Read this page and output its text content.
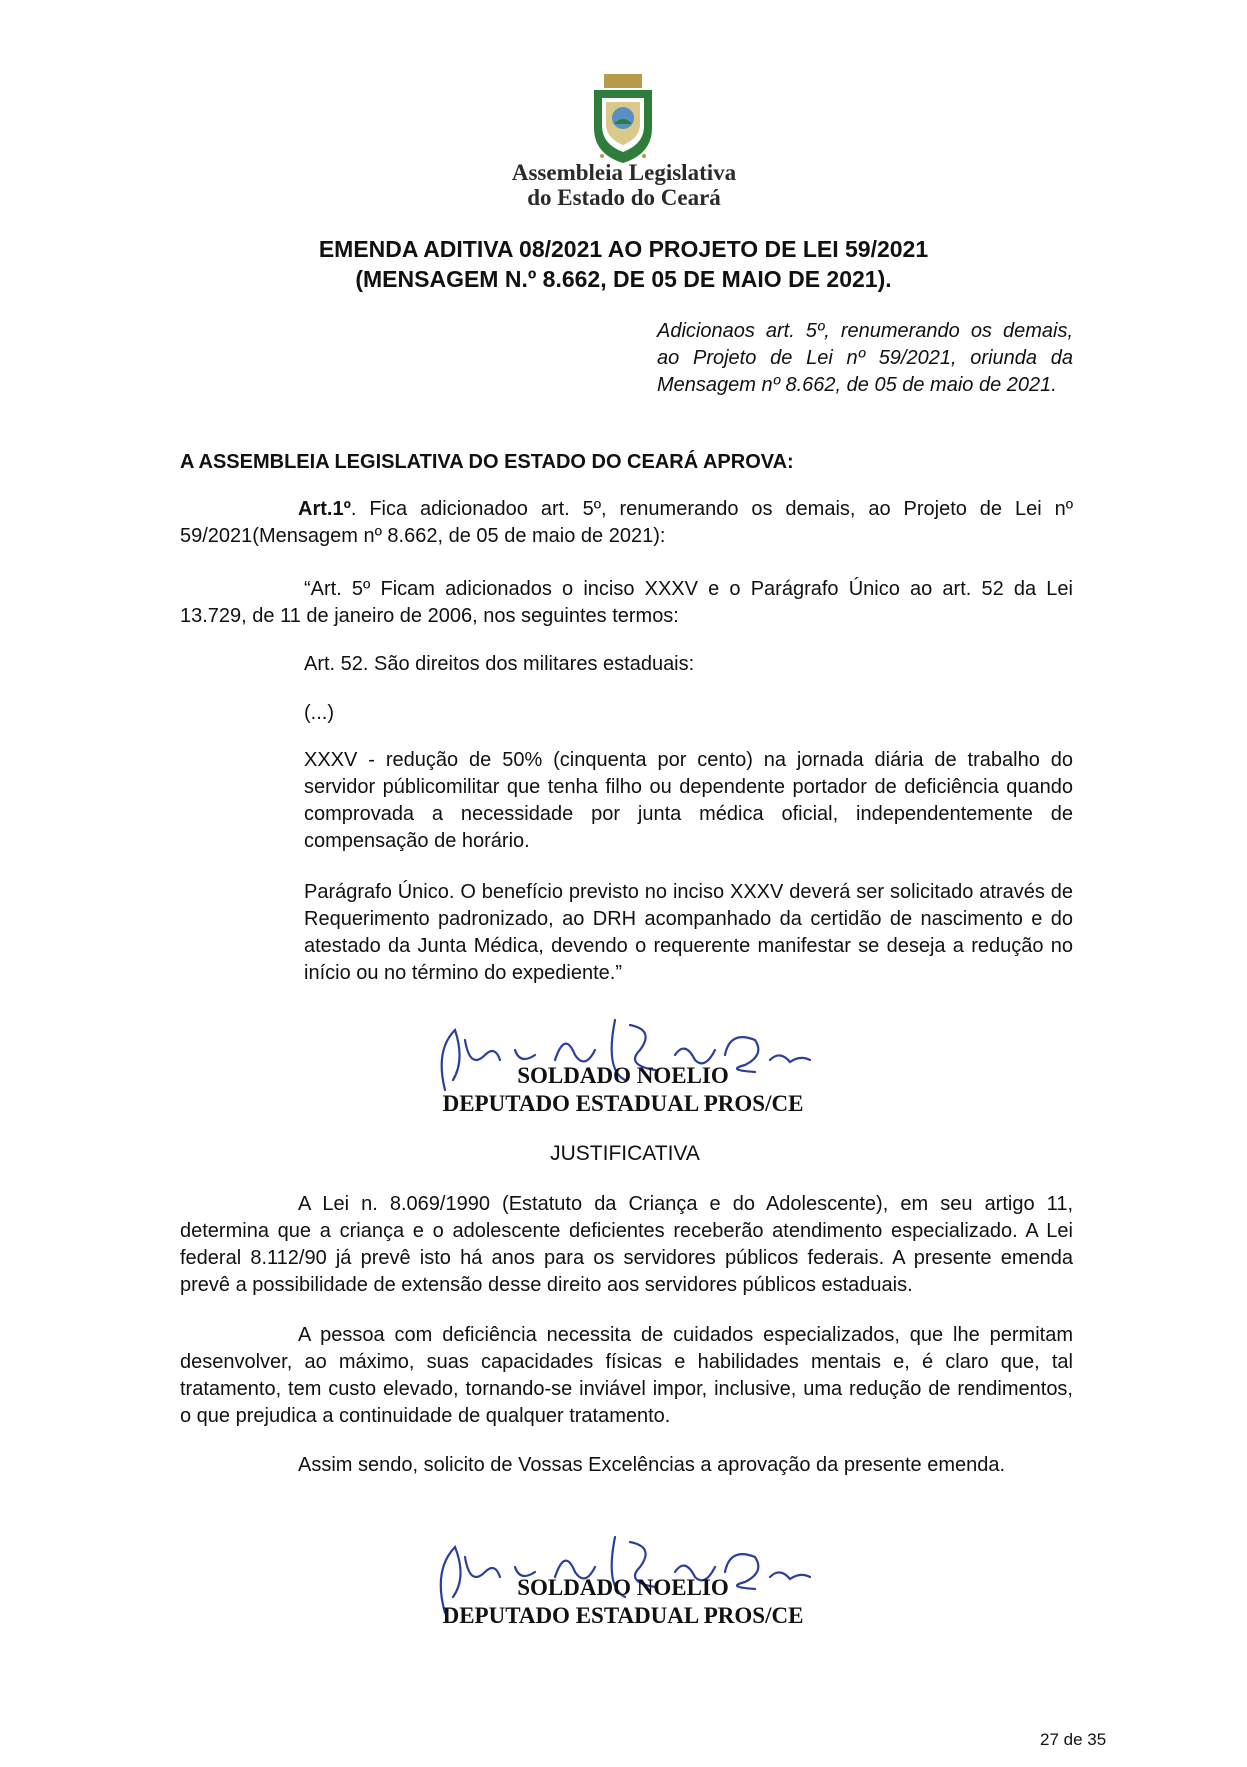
Assembleia Legislativa
do Estado do Ceará
EMENDA ADITIVA 08/2021 AO PROJETO DE LEI 59/2021
(MENSAGEM N.º 8.662, DE 05 DE MAIO DE 2021).
Adicionaos art. 5º, renumerando os demais, ao Projeto de Lei nº 59/2021, oriunda da Mensagem nº 8.662, de 05 de maio de 2021.
A ASSEMBLEIA LEGISLATIVA DO ESTADO DO CEARÁ APROVA:
Art.1º. Fica adicionadoo art. 5º, renumerando os demais, ao Projeto de Lei nº 59/2021(Mensagem nº 8.662, de 05 de maio de 2021):
“Art. 5º Ficam adicionados o inciso XXXV e o Parágrafo Único ao art. 52 da Lei 13.729, de 11 de janeiro de 2006, nos seguintes termos:
Art. 52. São direitos dos militares estaduais:
(...)
XXXV - redução de 50% (cinquenta por cento) na jornada diária de trabalho do servidor públicomilitar que tenha filho ou dependente portador de deficiência quando comprovada a necessidade por junta médica oficial, independentemente de compensação de horário.
Parágrafo Único. O benefício previsto no inciso XXXV deverá ser solicitado através de Requerimento padronizado, ao DRH acompanhado da certidão de nascimento e do atestado da Junta Médica, devendo o requerente manifestar se deseja a redução no início ou no término do expediente.”
SOLDADO NOELIO
DEPUTADO ESTADUAL PROS/CE
JUSTIFICATIVA
A Lei n. 8.069/1990 (Estatuto da Criança e do Adolescente), em seu artigo 11, determina que a criança e o adolescente deficientes receberão atendimento especializado. A Lei federal 8.112/90 já prevê isto há anos para os servidores públicos federais. A presente emenda prevê a possibilidade de extensão desse direito aos servidores públicos estaduais.
A pessoa com deficiência necessita de cuidados especializados, que lhe permitam desenvolver, ao máximo, suas capacidades físicas e habilidades mentais e, é claro que, tal tratamento, tem custo elevado, tornando-se inviável impor, inclusive, uma redução de rendimentos, o que prejudica a continuidade de qualquer tratamento.
Assim sendo, solicito de Vossas Excelências a aprovação da presente emenda.
SOLDADO NOELIO
DEPUTADO ESTADUAL PROS/CE
27 de 35
